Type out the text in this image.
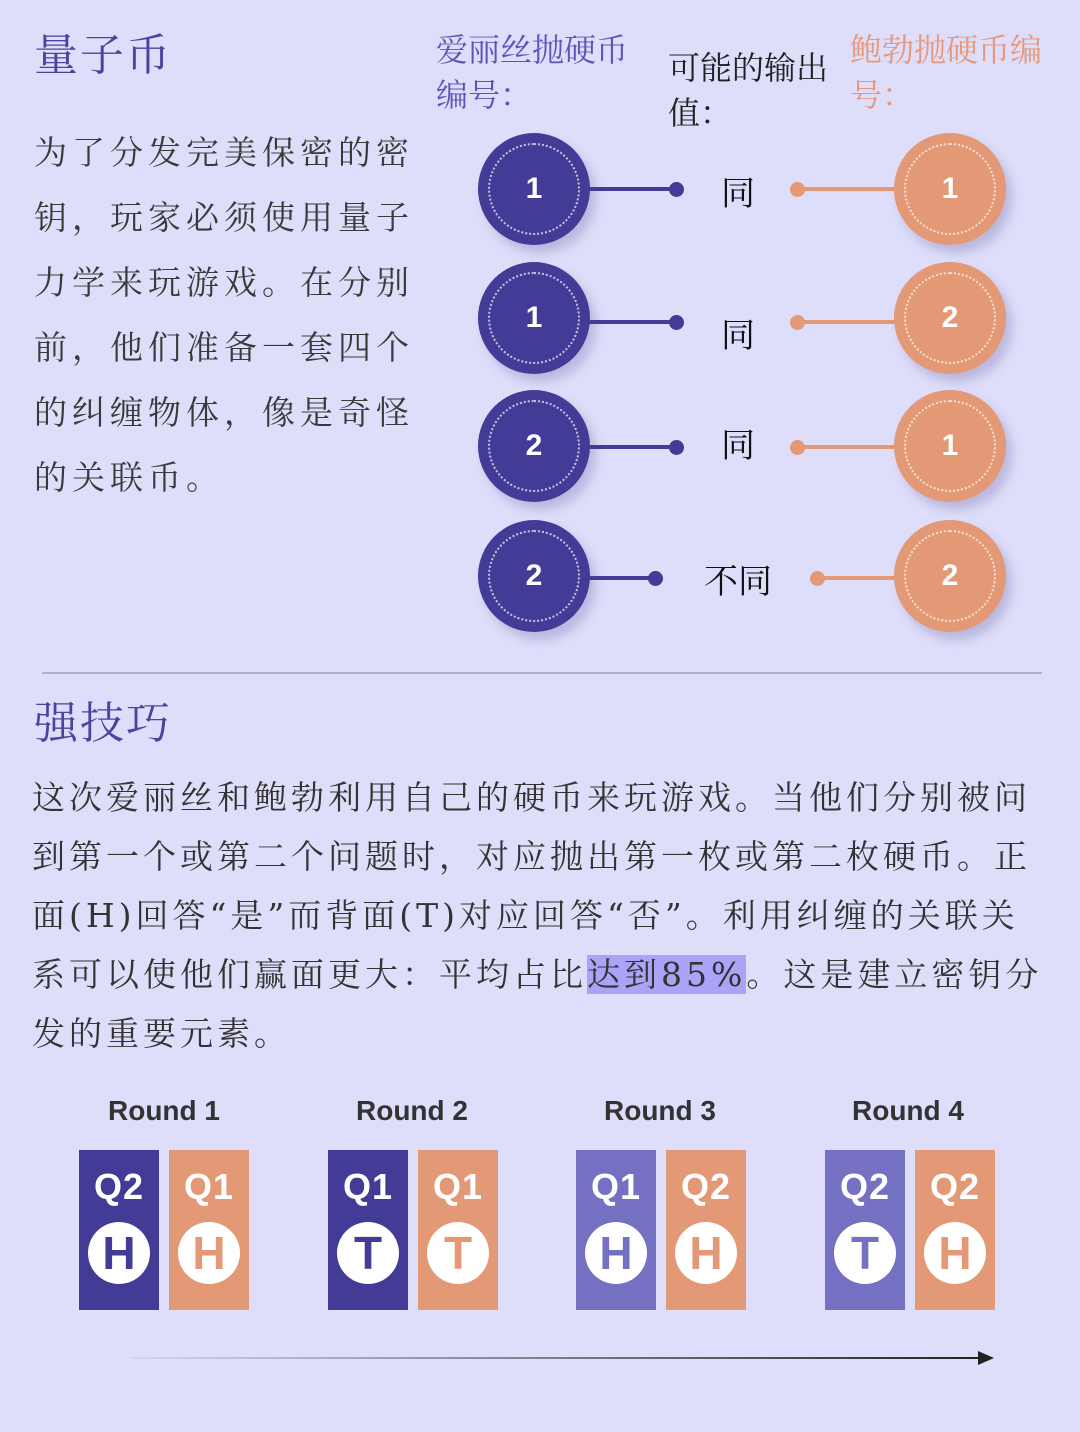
量子币
为了分发完美保密的密钥，玩家必须使用量子力学来玩游戏。在分别前，他们准备一套四个的纠缠物体，像是奇怪的关联币。
爱丽丝抛硬币编号：
可能的输出值：
鲍勃抛硬币编号：
1	同	1
1	同	2
2	同	1
2	不同	2
强技巧
这次爱丽丝和鲍勃利用自己的硬币来玩游戏。当他们分别被问到第一个或第二个问题时，对应抛出第一枚或第二枚硬币。正面(H)回答“是”而背面(T)对应回答“否”。利用纠缠的关联关系可以使他们赢面更大：平均占比达到85%。这是建立密钥分发的重要元素。
Round 1
Q2
H
Q1
H
Round 2
Q1
T
Q1
T
Round 3
Q1
H
Q2
H
Round 4
Q2
T
Q2
H
